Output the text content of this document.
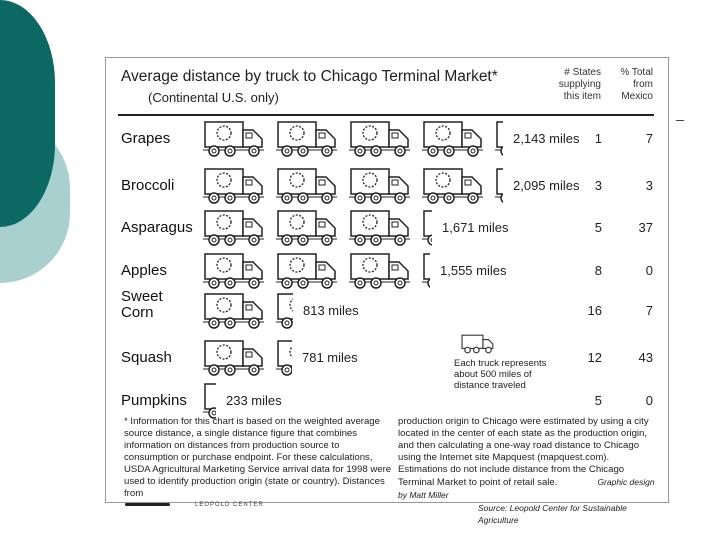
Average distance by truck to Chicago Terminal Market*
(Continental U.S. only)
# States
supplying
this item
% Total
from
Mexico
Grapes	2,143 miles	1	7
Broccoli	2,095 miles	3	3
Asparagus	1,671 miles	5	37
Apples	1,555 miles	8	0
Sweet Corn	813 miles	16	7
Squash	781 miles	12	43
Pumpkins	233 miles	5	0
Each truck represents
about 500 miles of
distance traveled
* Information for this chart is based on the weighted average source distance, a single distance figure that combines information on distances from production source to consumption or purchase endpoint. For these calculations, USDA Agricultural Marketing Service arrival data for 1998 were used to identify production origin (state or country). Distances from
production origin to Chicago were estimated by using a city located in the center of each state as the production origin, and then calculating a one-way road distance to Chicago using the Internet site Mapquest (mapquest.com). Estimations do not include distance from the Chicago Terminal Market to point of retail sale.	Graphic design by Matt Miller
Source: Leopold Center for Sustainable Agriculture
LEOPOLD CENTER
